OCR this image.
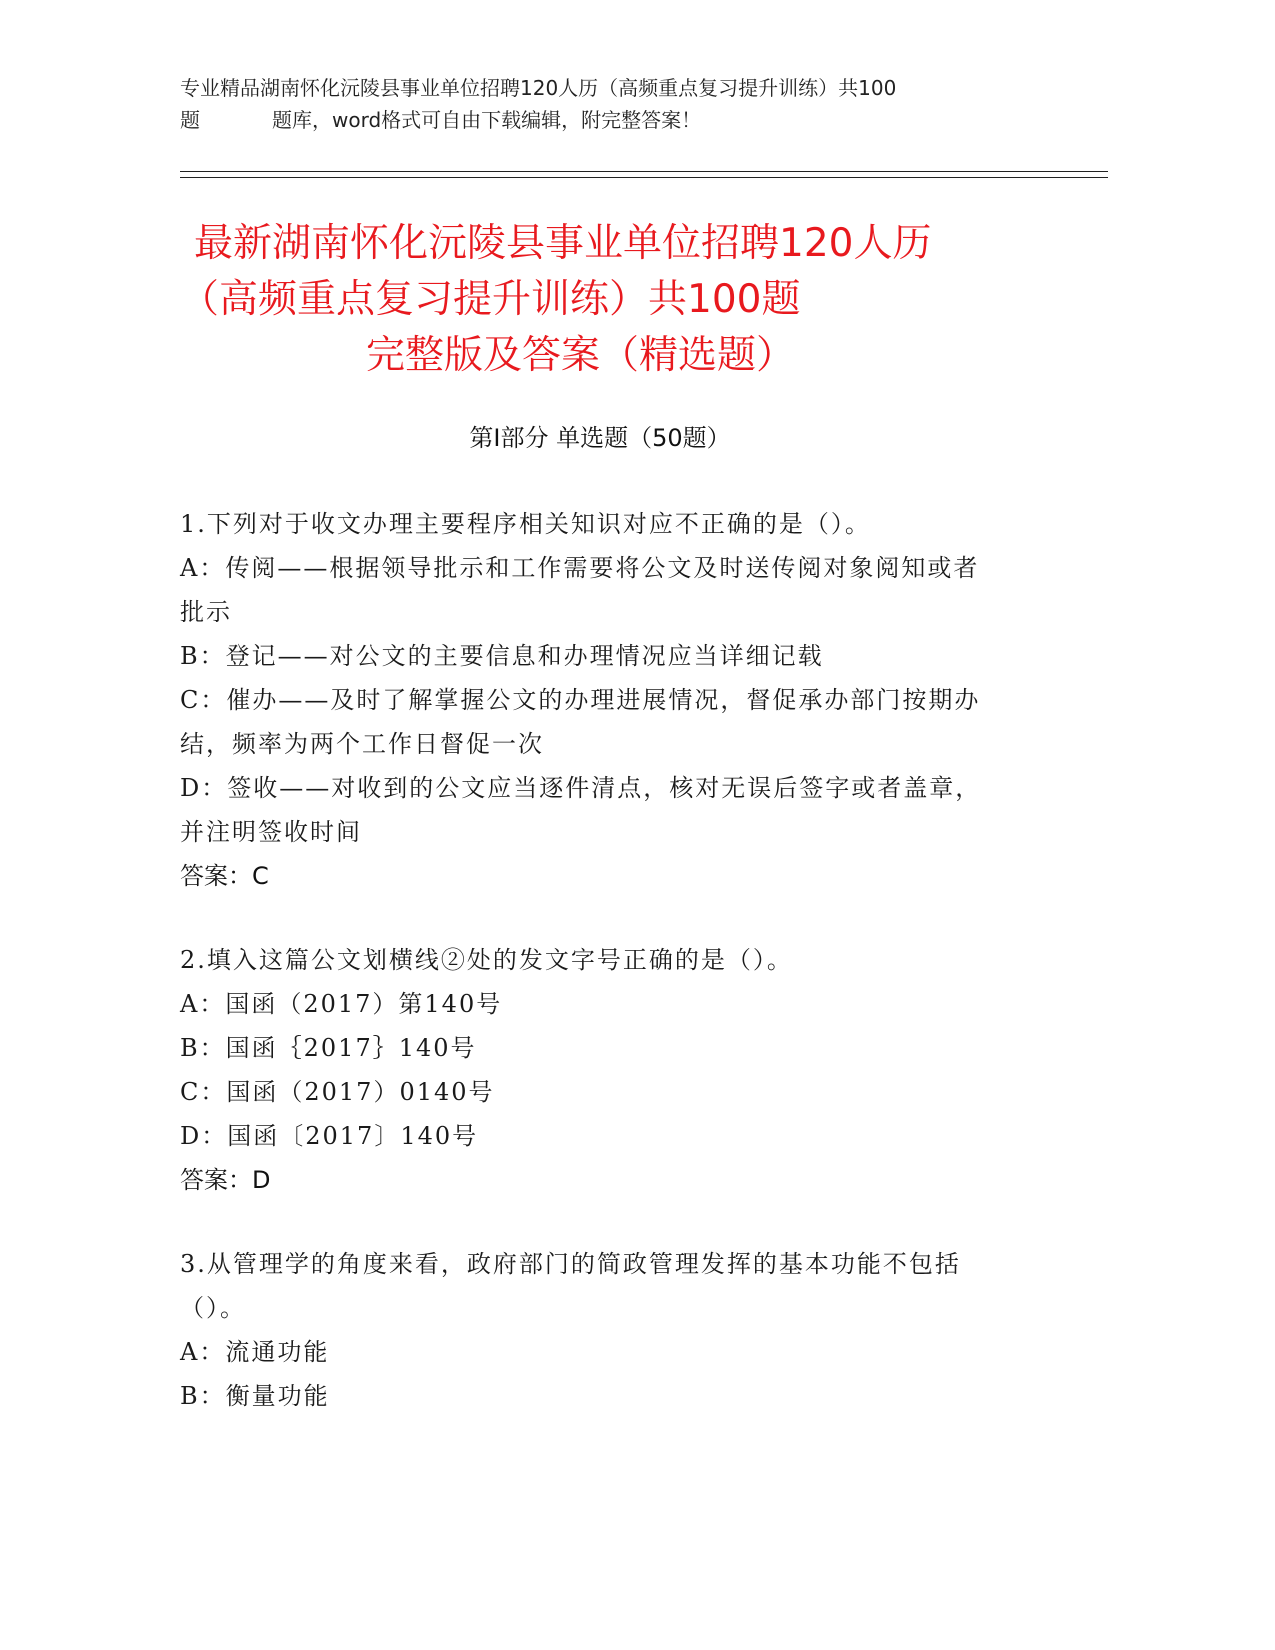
专业精品湖南怀化沅陵县事业单位招聘120人历（高频重点复习提升训练）共100
题	题库，word格式可自由下载编辑，附完整答案！
最新湖南怀化沅陵县事业单位招聘120人历
（高频重点复习提升训练）共100题
完整版及答案（精选题）
第Ⅰ部分 单选题（50题）
1.下列对于收文办理主要程序相关知识对应不正确的是（）。
A：传阅——根据领导批示和工作需要将公文及时送传阅对象阅知或者
批示
B：登记——对公文的主要信息和办理情况应当详细记载
C：催办——及时了解掌握公文的办理进展情况，督促承办部门按期办
结，频率为两个工作日督促一次
D：签收——对收到的公文应当逐件清点，核对无误后签字或者盖章，
并注明签收时间
答案：C
2.填入这篇公文划横线②处的发文字号正确的是（）。
A：国函（2017）第140号
B：国函｛2017｝140号
C：国函（2017）0140号
D：国函〔2017〕140号
答案：D
3.从管理学的角度来看，政府部门的简政管理发挥的基本功能不包括
（）。
A：流通功能
B：衡量功能
